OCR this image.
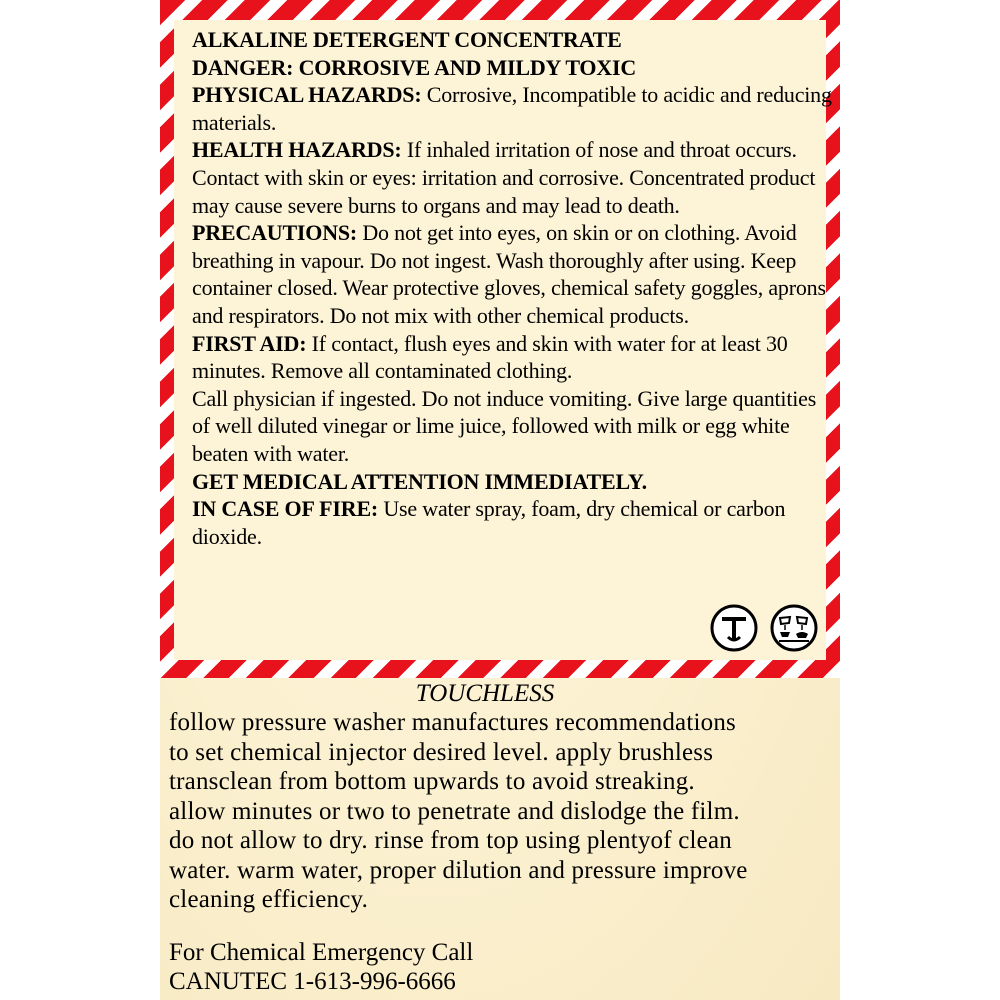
ALKALINE DETERGENT CONCENTRATE

DANGER: CORROSIVE AND MILDY TOXIC

PHYSICAL HAZARDS: Corrosive, Incompatible to acidic and reducing materials.

HEALTH HAZARDS: If inhaled irritation of nose and throat occurs. Contact with skin or eyes: irritation and corrosive. Concentrated product may cause severe burns to organs and may lead to death.

PRECAUTIONS: Do not get into eyes, on skin or on clothing. Avoid breathing in vapour. Do not ingest. Wash thoroughly after using. Keep container closed. Wear protective gloves, chemical safety goggles, aprons and respirators. Do not mix with other chemical products.

FIRST AID: If contact, flush eyes and skin with water for at least 30 minutes. Remove all contaminated clothing.

Call physician if ingested. Do not induce vomiting. Give large quantities of well diluted vinegar or lime juice, followed with milk or egg white beaten with water.

GET MEDICAL ATTENTION IMMEDIATELY.

IN CASE OF FIRE: Use water spray, foam, dry chemical or carbon dioxide.

TOUCHLESS

follow pressure washer manufactures recommendations
to set chemical injector desired level. apply brushless
transclean from bottom upwards to avoid streaking.
allow minutes or two to penetrate and dislodge the film.
do not allow to dry. rinse from top using plentyof clean
water. warm water, proper dilution and pressure improve
cleaning efficiency.

For Chemical Emergency Call
CANUTEC 1-613-996-6666
